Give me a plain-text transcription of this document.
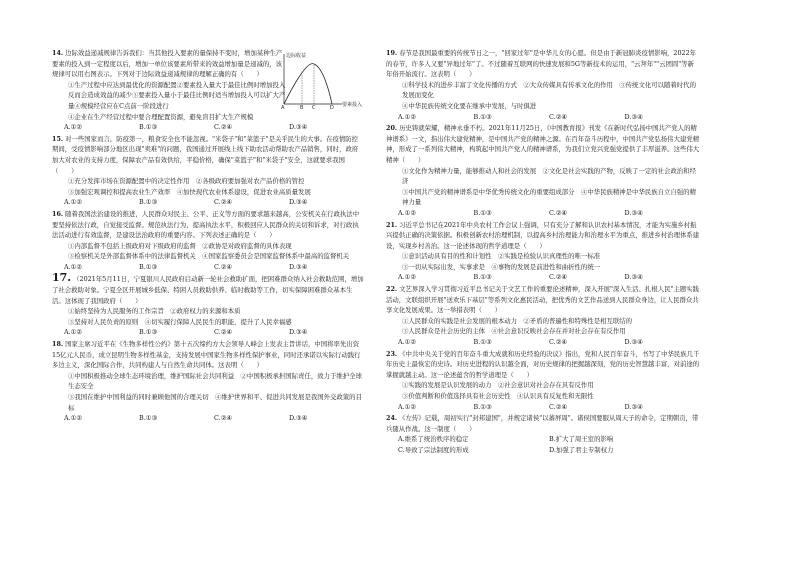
14. 边际效益递减规律告诉我们：当其他投入要素的量保持不变时，增加某种生产要素的投入到一定程度以后，增加一单位该要素所带来的效益增加量是递减的，该规律可以用右图表示。下列对于边际效益递减规律的理解正确的有（　　）
①生产过程中应达到最优化的资源配置②要素投入量大于最佳比例时增加投入反而会造成效益的减少③要素投入量小于最佳比例时适当增加投入可以扩大产量④规模经营应在C点前一阶段进行	A	B C	D 要素投入
边际收益
④企业在生产经营过程中要合理配置资源，避免盲目扩大生产规模
A.①②	B.①③	C.②④	D.③④
15. 对一些国家而言，防疫第一，粮食安全也不能忽视。"米袋子"和"菜篮子"是关乎民生的大事。在疫情防控期间，受疫情影响部分地区出现"卖难"的问题，我国通过开展线上线下助农活动帮助农产品销售，同时，政府加大对农业的支持力度，保障农产品有效供给，平稳价格，确保"菜篮子"和"米袋子"安全，这就要求我国（　　）
①充分发挥市场在资源配置中的决定性作用　②各级政府要加强对农产品价格的管控
③加强宏观调控和提高农业生产效率　④加快现代农业体系建设，促进农业高质量发展
A.①②	B.①③	C.②④	D.③④
16. 随着我国法治建设的推进，人民群众对民主、公平、正义等方面的要求越来越高，公安机关在行政执法中要坚持依法行政，自觉接受监督。规范执法行为，提高执法水平，积极回应人民群众的关切和诉求，对行政执法活动进行有效监督，是建设法治政府的重要内容。下列表述正确的是（　　）
①内部监督不包括上级政府对下级政府的监督　②政协是对政府监督的具体表现
③检察机关是外部监督体系中的法律监督机关　④国家监察委员会是国家监督体系中最高的监督机关
A.①②	B.①③	C.②④	D.③④
17. （2021年5月11日，宁夏银川人民政府启动新一轮社会救助扩面，把困难群众纳入社会救助范围，增加了社会救助对象。宁夏全区开展城乡低保、特困人员救助供养、临时救助等工作，切实保障困难群众基本生活。这体现了我国政府（　　）
①始终坚持为人民服务的工作宗旨　②政府权力的来源和本质
③坚持对人民负责的原则　④切实履行保障人民民生的职能，提升了人民幸福感
A.①②	B.①③	C.②④	D.③④
18. 国家主席习近平在《生物多样性公约》第十五次缔约方大会领导人峰会上发表主旨讲话，中国将率先出资15亿元人民币，成立昆明生物多样性基金，支持发展中国家生物多样性保护事业，同时还承诺以实际行动践行多边主义，深化国际合作，共同构建人与自然生命共同体。这表明（　　）
①中国积极推动全球生态环境治理，维护国际社会共同利益　②中国积极承担国际责任，致力于维护全球生态安全
③我国在维护中国利益的同时兼顾他国的合理关切　④维护世界和平、促进共同发展是我国外交政策的目标
A.①②	B.①③	C.②④	D.③④
19. 春节是我国最重要的传统节日之一，"回家过年"是中华儿女的心愿。但是由于新冠肺炎疫情影响，2022年的春节，许多人又要"异地过年"了。不过随着互联网的快速发展和5G等新技术的运用，"云拜年""云团圆"等新年俗开始流行。这表明（　　）
①科学技术的进步丰富了文化传播的方式　②大众传媒具有传承文化的作用　③传统文化可以随着时代的发展而变化
④中华民族传统文化要在继承中发展，与时俱进
A.①②	B.①③	C.②④	D.③④
20. 历史铸就荣耀，精神永垂不朽。2021年11月25日，《中国教育报》刊发《在新时代弘扬中国共产党人的精神谱系》一文，指出伟大建党精神，是中国共产党的精神之源。在百年奋斗历程中，中国共产党弘扬伟大建党精神，形成了一系列伟大精神，构筑起中国共产党人的精神谱系，为我们立党兴党强党提供了丰厚滋养。这些伟大精神（　　）
①文化作为精神力量，能够推动人和社会的发展　②文化是社会实践的产物，反映了一定的社会政治和经济
③中国共产党的精神谱系是中华优秀传统文化的重要组成部分　④中华民族精神是中华民族自立自强的精神力量
A.①②	B.①③	C.②④	D.③④
21. 习近平总书记在2021年中央农村工作会议上强调，只有充分了解和认识农村基本情况，才能为实施乡村振兴提供正确的决策依据。积极创新农村治理机制，以提高乡村治理能力和治理水平为重点，推进乡村治理体系建设，实现乡村善治。这一论述体现的哲学道理是（　　）
①意识活动具有目的性和计划性　②实践是检验认识真理性的唯一标准
③一切从实际出发，实事求是　④事物的发展是前进性和曲折性的统一
A.①②	B.①③	C.②④	D.③④
22. 文艺界深入学习贯彻习近平总书记关于文艺工作的重要论述精神，深入开展"深入生活、扎根人民"主题实践活动，文联组织开展"送欢乐下基层"等系列文化惠民活动，把优秀的文艺作品送到人民群众身边，让人民群众共享文化发展成果。这一举措表明（　　）
①人民群众的实践是社会发展的根本动力　②矛盾的普遍性和特殊性是相互联结的
③人民群众是社会历史的主体　④社会意识反映社会存在并对社会存在有反作用
A.①②	B.①③	C.②④	D.③④
23. 《中共中央关于党的百年奋斗重大成就和历史经验的决议》指出，党和人民百年奋斗，书写了中华民族几千年历史上最恢宏的史诗。对历史进程的认识越全面，对历史规律的把握越深刻，党的历史智慧越丰富，对前途的掌握就越主动。这一论述蕴含的哲学道理是（　　）
①实践的发展是认识发展的动力　②社会意识对社会存在具有反作用
③价值判断和价值选择具有社会历史性　④认识具有反复性和无限性
A.①②	B.①③	C.②④	D.③④
24. 《左传》记载，周初实行"封邦建国"，并规定诸侯"以蕃屏周"。诸侯国要服从周天子的命令，定期朝贡，带兵随从作战。这一制度（　　）
A.维系了统治秩序的稳定	B.扩大了周王室的影响
C.导致了宗法制度的形成	D.加强了君主专制权力
